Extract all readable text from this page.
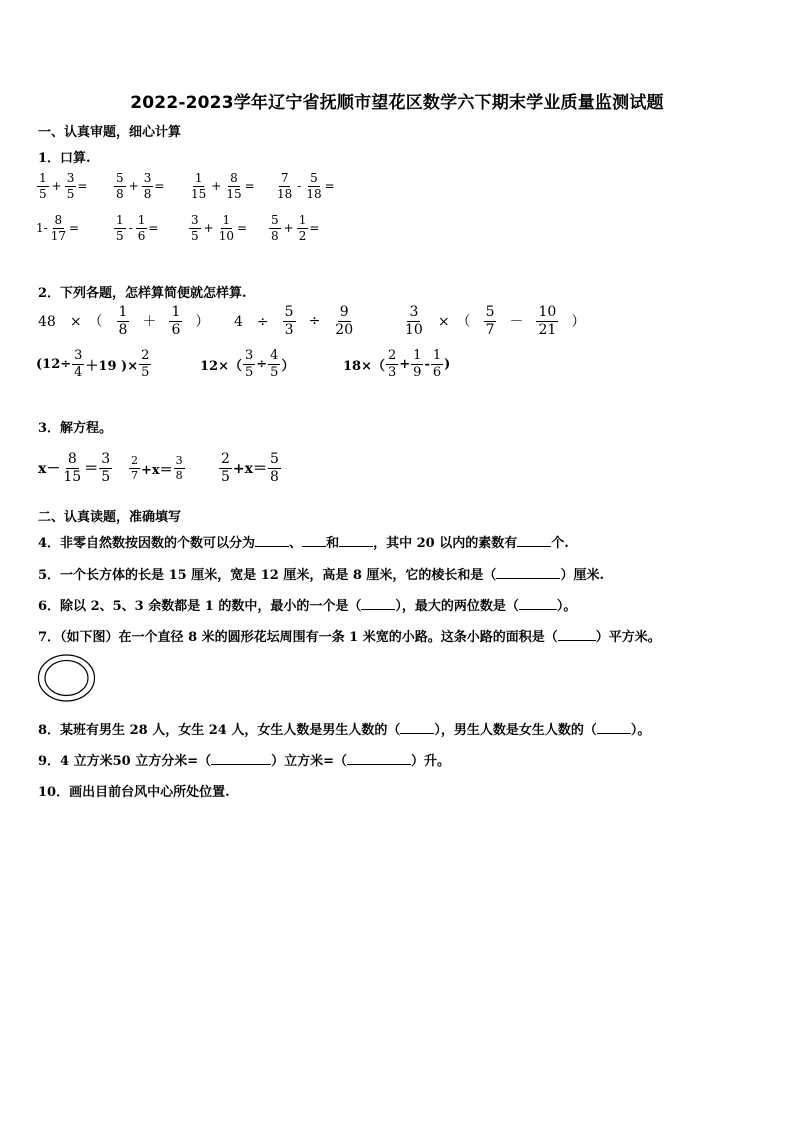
2022-2023学年辽宁省抚顺市望花区数学六下期末学业质量监测试题
一、认真审题，细心计算
1．口算.
$\frac{1}{5} + \frac{3}{5} = \frac{5}{8} + \frac{3}{8} = \frac{1}{15} + \frac{8}{15} = \frac{7}{18} - \frac{5}{18}$ =
$1- \frac{8}{17}$ =	$\frac{1}{5} - \frac{1}{6}$ =	$\frac{3}{5} + \frac{1}{10} = \frac{5}{8} + \frac{1}{2}$ =
2．下列各题，怎样算简便就怎样算.
48　×　（ $\frac{1}{8} + \frac{1}{6}$ ） 4　÷ $\frac{5}{3} \div \frac{9}{20}$	$\frac{3}{10}$ ×　（ $\frac{5}{7} - \frac{10}{21}$ ）
($12\div \frac{3}{4} +19$ )× $\frac{2}{5}$	$12\times( \frac{3}{5} \div \frac{4}{5}$ ）	$18\times( \frac{2}{3} + \frac{1}{9} - \frac{1}{6}$ )
3．解方程。
$x- \frac{8}{15} = \frac{3}{5} \frac{2}{7} +x= \frac{3}{8} \frac{2}{5} +x= \frac{5}{8}$
二、认真读题，准确填写
4．非零自然数按因数的个数可以分为	、 和	，其中 20 以内的素数有	个.
5．一个长方体的长是 15 厘米，宽是 12 厘米，高是 8 厘米，它的棱长和是（	）厘米.
6．除以 2、5、3 余数都是 1 的数中，最小的一个是（	），最大的两位数是（	）。
7．（如下图）在一个直径 8 米的圆形花坛周围有一条 1 米宽的小路。这条小路的面积是（	）平方米。
8．某班有男生 28 人，女生 24 人，女生人数是男生人数的（	），男生人数是女生人数的（	）。
9．4 立方米50 立方分米=（	）立方米=（	）升。
10．画出目前台风中心所处位置.
